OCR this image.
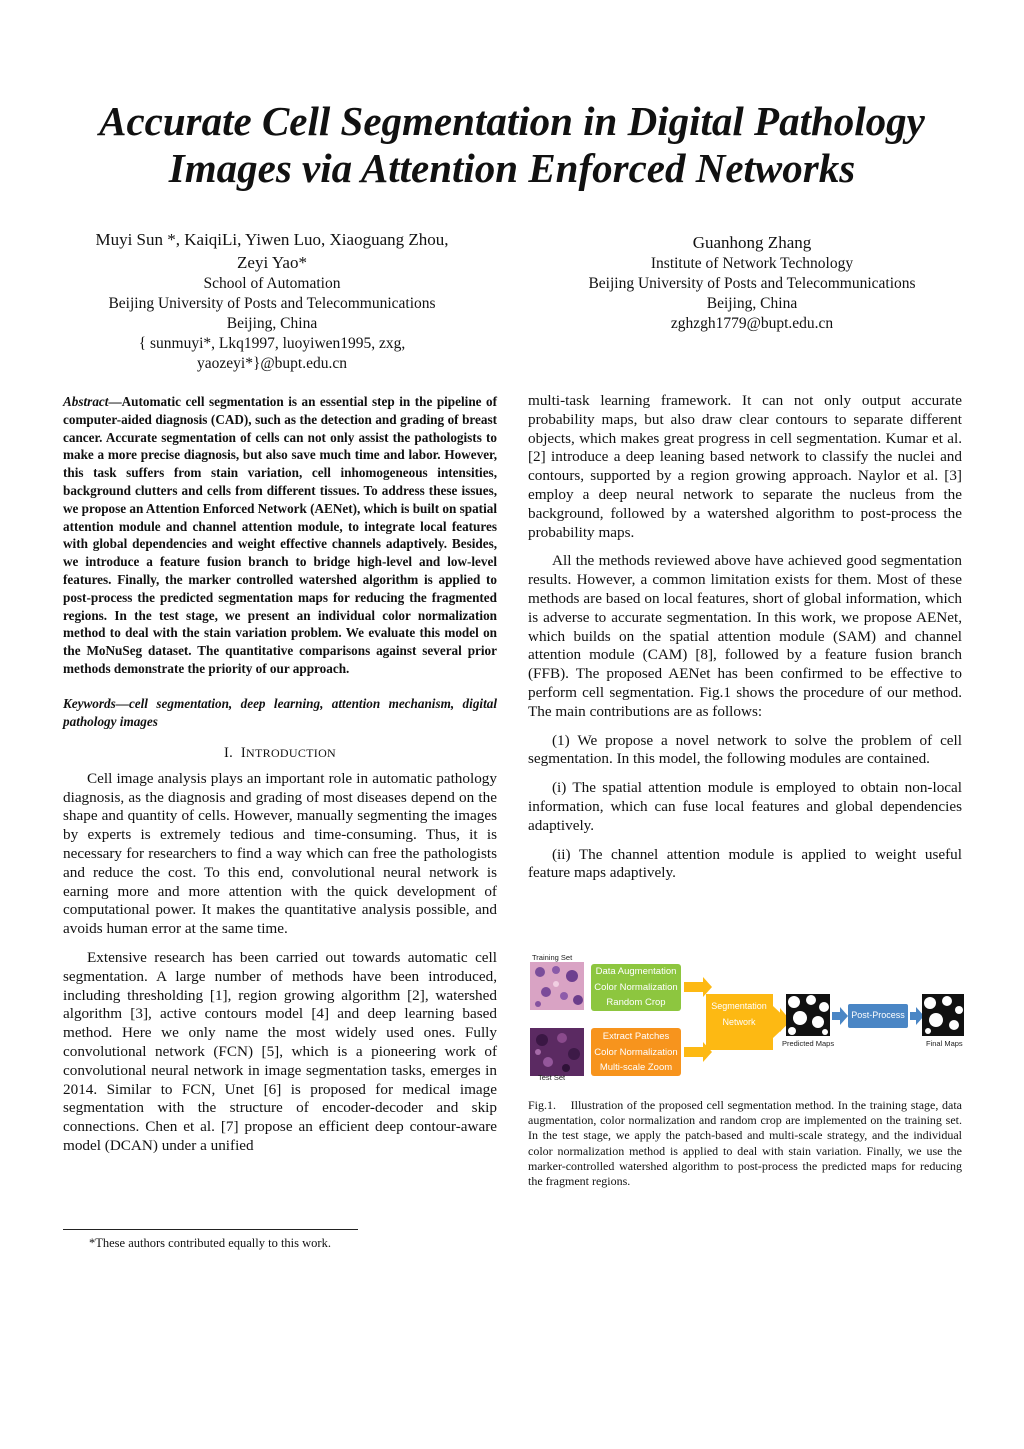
Accurate Cell Segmentation in Digital Pathology
Images via Attention Enforced Networks
Muyi Sun *, KaiqiLi, Yiwen Luo, Xiaoguang Zhou,
Zeyi Yao*
School of Automation
Beijing University of Posts and Telecommunications
Beijing, China
{ sunmuyi*, Lkq1997, luoyiwen1995, zxg,
yaozeyi*}@bupt.edu.cn
Guanhong Zhang
Institute of Network Technology
Beijing University of Posts and Telecommunications
Beijing, China
zghzgh1779@bupt.edu.cn
Abstract—Automatic cell segmentation is an essential step in the pipeline of computer-aided diagnosis (CAD), such as the detection and grading of breast cancer. Accurate segmentation of cells can not only assist the pathologists to make a more precise diagnosis, but also save much time and labor. However, this task suffers from stain variation, cell inhomogeneous intensities, background clutters and cells from different tissues. To address these issues, we propose an Attention Enforced Network (AENet), which is built on spatial attention module and channel attention module, to integrate local features with global dependencies and weight effective channels adaptively. Besides, we introduce a feature fusion branch to bridge high-level and low-level features. Finally, the marker controlled watershed algorithm is applied to post-process the predicted segmentation maps for reducing the fragmented regions. In the test stage, we present an individual color normalization method to deal with the stain variation problem. We evaluate this model on the MoNuSeg dataset. The quantitative comparisons against several prior methods demonstrate the priority of our approach.
Keywords—cell segmentation, deep learning, attention mechanism, digital pathology images
I. INTRODUCTION

Cell image analysis plays an important role in automatic pathology diagnosis, as the diagnosis and grading of most diseases depend on the shape and quantity of cells. However, manually segmenting the images by experts is extremely tedious and time-consuming. Thus, it is necessary for researchers to find a way which can free the pathologists and reduce the cost. To this end, convolutional neural network is earning more and more attention with the quick development of computational power. It makes the quantitative analysis possible, and avoids human error at the same time.

Extensive research has been carried out towards automatic cell segmentation. A large number of methods have been introduced, including thresholding [1], region growing algorithm [2], watershed algorithm [3], active contours model [4] and deep learning based method. Here we only name the most widely used ones. Fully convolutional network (FCN) [5], which is a pioneering work of convolutional neural network in image segmentation tasks, emerges in 2014. Similar to FCN, Unet [6] is proposed for medical image segmentation with the structure of encoder-decoder and skip connections. Chen et al. [7] propose an efficient deep contour-aware model (DCAN) under a unified

*These authors contributed equally to this work.

multi-task learning framework. It can not only output accurate probability maps, but also draw clear contours to separate different objects, which makes great progress in cell segmentation. Kumar et al. [2] introduce a deep leaning based network to classify the nuclei and contours, supported by a region growing approach. Naylor et al. [3] employ a deep neural network to separate the nucleus from the background, followed by a watershed algorithm to post-process the probability maps.

All the methods reviewed above have achieved good segmentation results. However, a common limitation exists for them. Most of these methods are based on local features, short of global information, which is adverse to accurate segmentation. In this work, we propose AENet, which builds on the spatial attention module (SAM) and channel attention module (CAM) [8], followed by a feature fusion branch (FFB). The proposed AENet has been confirmed to be effective to perform cell segmentation. Fig.1 shows the procedure of our method. The main contributions are as follows:

(1) We propose a novel network to solve the problem of cell segmentation. In this model, the following modules are contained.

(i) The spatial attention module is employed to obtain non-local information, which can fuse local features and global dependencies adaptively.

(ii) The channel attention module is applied to weight useful feature maps adaptively.

Training Set
Test Set
Data Augmentation
Color Normalization
Random Crop
Extract Patches
Color Normalization
Multi-scale Zoom
Segmentation
Network
Predicted Maps
Post-Process
Final Maps
Fig.1. Illustration of the proposed cell segmentation method. In the training stage, data augmentation, color normalization and random crop are implemented on the training set. In the test stage, we apply the patch-based and multi-scale strategy, and the individual color normalization method is applied to deal with stain variation. Finally, we use the marker-controlled watershed algorithm to post-process the predicted maps for reducing the fragment regions.
